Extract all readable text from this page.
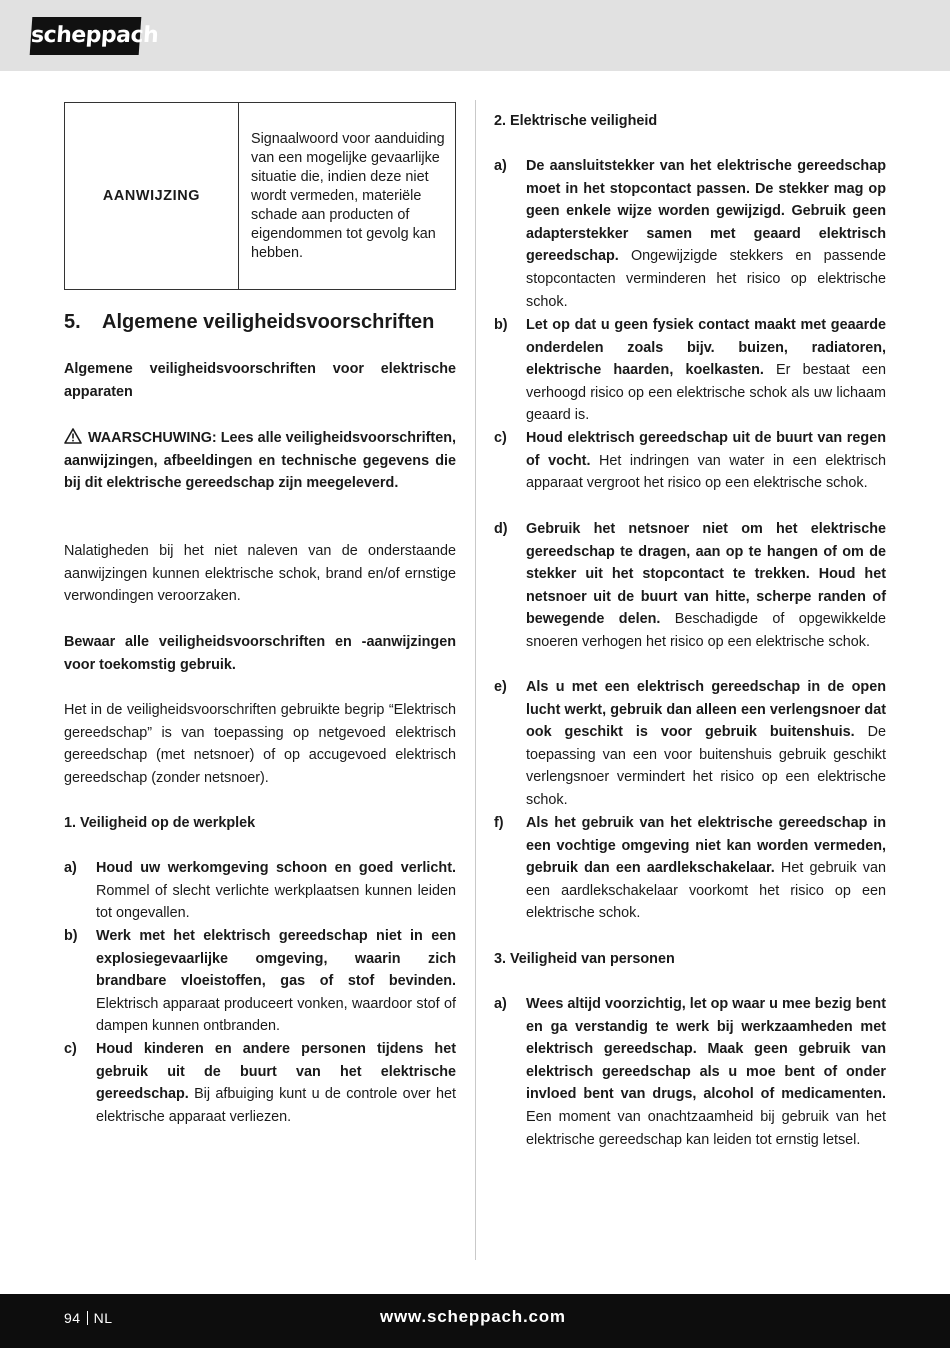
scheppach
AANWIJZING	Signaalwoord voor aanduiding van een mogelijke gevaarlijke situatie die, indien deze niet wordt vermeden, materiële schade aan producten of eigendommen tot gevolg kan hebben.
5. Algemene veiligheidsvoorschriften

Algemene veiligheidsvoorschriften voor elektrische apparaten

WAARSCHUWING: Lees alle veiligheidsvoorschriften, aanwijzingen, afbeeldingen en technische gegevens die bij dit elektrische gereedschap zijn meegeleverd.

Nalatigheden bij het niet naleven van de onderstaande aanwijzingen kunnen elektrische schok, brand en/of ernstige verwondingen veroorzaken.

Bewaar alle veiligheidsvoorschriften en -aanwijzingen voor toekomstig gebruik.

Het in de veiligheidsvoorschriften gebruikte begrip “Elektrisch gereedschap” is van toepassing op netgevoed elektrisch gereedschap (met netsnoer) of op accugevoed elektrisch gereedschap (zonder netsnoer).

1. Veiligheid op de werkplek

a)	Houd uw werkomgeving schoon en goed verlicht. Rommel of slecht verlichte werkplaatsen kunnen leiden tot ongevallen.
b)	Werk met het elektrisch gereedschap niet in een explosiegevaarlijke omgeving, waarin zich brandbare vloeistoffen, gas of stof bevinden. Elektrisch apparaat produceert vonken, waardoor stof of dampen kunnen ontbranden.
c)	Houd kinderen en andere personen tijdens het gebruik uit de buurt van het elektrische gereedschap. Bij afbuiging kunt u de controle over het elektrische apparaat verliezen.

2. Elektrische veiligheid

a)	De aansluitstekker van het elektrische gereedschap moet in het stopcontact passen. De stekker mag op geen enkele wijze worden gewijzigd. Gebruik geen adapterstekker samen met geaard elektrisch gereedschap. Ongewijzigde stekkers en passende stopcontacten verminderen het risico op elektrische schok.
b)	Let op dat u geen fysiek contact maakt met geaarde onderdelen zoals bijv. buizen, radiatoren, elektrische haarden, koelkasten. Er bestaat een verhoogd risico op een elektrische schok als uw lichaam geaard is.
c)	Houd elektrisch gereedschap uit de buurt van regen of vocht. Het indringen van water in een elektrisch apparaat vergroot het risico op een elektrische schok.
d)	Gebruik het netsnoer niet om het elektrische gereedschap te dragen, aan op te hangen of om de stekker uit het stopcontact te trekken. Houd het netsnoer uit de buurt van hitte, scherpe randen of bewegende delen. Beschadigde of opgewikkelde snoeren verhogen het risico op een elektrische schok.
e)	Als u met een elektrisch gereedschap in de open lucht werkt, gebruik dan alleen een verlengsnoer dat ook geschikt is voor gebruik buitenshuis. De toepassing van een voor buitenshuis gebruik geschikt verlengsnoer vermindert het risico op een elektrische schok.
f)	Als het gebruik van het elektrische gereedschap in een vochtige omgeving niet kan worden vermeden, gebruik dan een aardlekschakelaar. Het gebruik van een aardlekschakelaar voorkomt het risico op een elektrische schok.

3. Veiligheid van personen

a)	Wees altijd voorzichtig, let op waar u mee bezig bent en ga verstandig te werk bij werkzaamheden met elektrisch gereedschap. Maak geen gebruik van elektrisch gereedschap als u moe bent of onder invloed bent van drugs, alcohol of medicamenten. Een moment van onachtzaamheid bij gebruik van het elektrische gereedschap kan leiden tot ernstig letsel.
94 NL	www.scheppach.com
